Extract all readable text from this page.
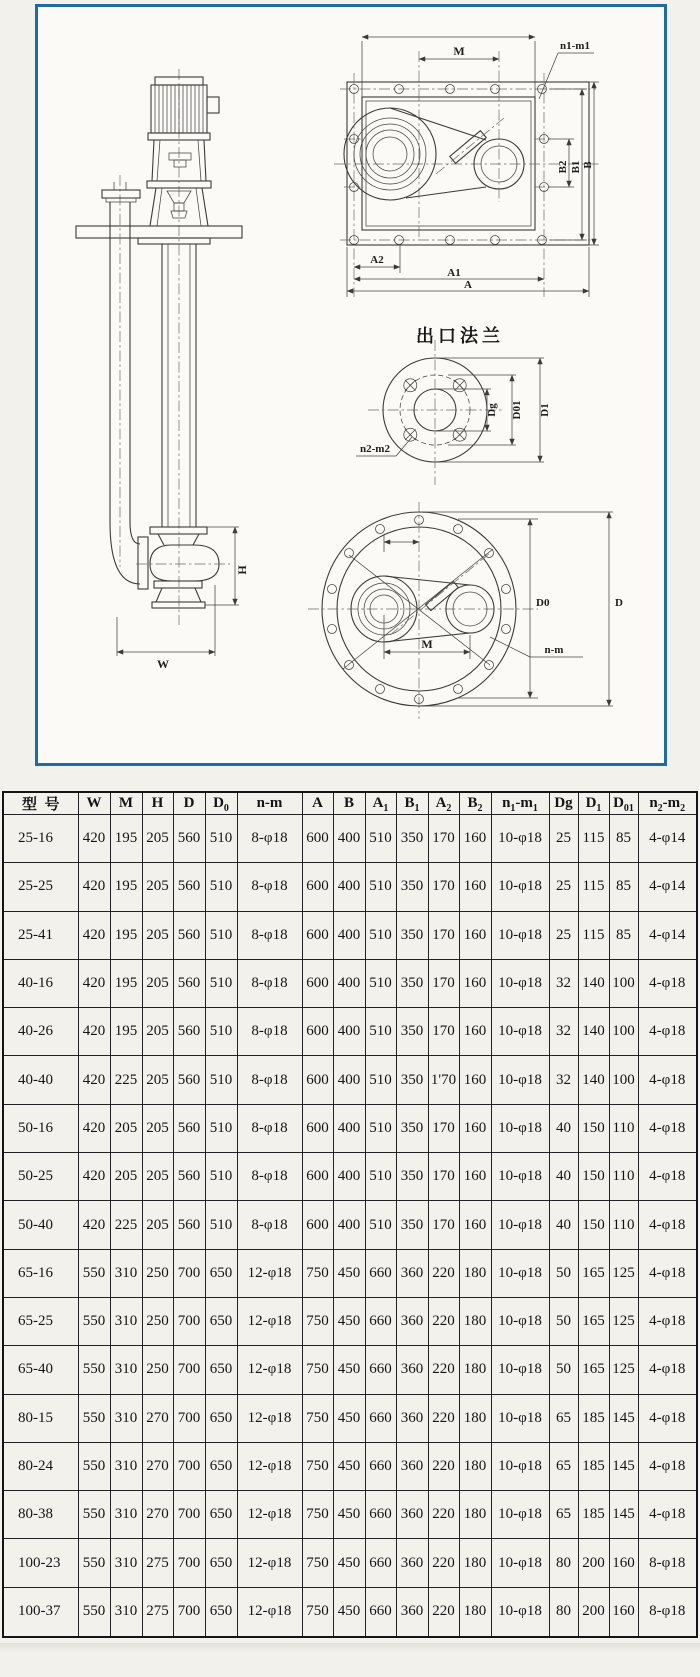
H
W
M	n1-m1
B2 B1 B
A2
A1
A
出口法兰
Dg D01 D1
n2-m2
M	n-m
D0	D
型  号	W	M	H	D	$D_0$	n-m	A	B	$A_1$	$B_1$	$A_2$	$B_2$	$n_1-m_1$	Dg	$D_1$	$D_{01}$	$n_2-m_2$
25-16	420	195	205	560	510	8-φ18	600	400	510	350	170	160	10-φ18	25	115	85	4-φ14
25-25	420	195	205	560	510	8-φ18	600	400	510	350	170	160	10-φ18	25	115	85	4-φ14
25-41	420	195	205	560	510	8-φ18	600	400	510	350	170	160	10-φ18	25	115	85	4-φ14
40-16	420	195	205	560	510	8-φ18	600	400	510	350	170	160	10-φ18	32	140	100	4-φ18
40-26	420	195	205	560	510	8-φ18	600	400	510	350	170	160	10-φ18	32	140	100	4-φ18
40-40	420	225	205	560	510	8-φ18	600	400	510	350	1'70	160	10-φ18	32	140	100	4-φ18
50-16	420	205	205	560	510	8-φ18	600	400	510	350	170	160	10-φ18	40	150	110	4-φ18
50-25	420	205	205	560	510	8-φ18	600	400	510	350	170	160	10-φ18	40	150	110	4-φ18
50-40	420	225	205	560	510	8-φ18	600	400	510	350	170	160	10-φ18	40	150	110	4-φ18
65-16	550	310	250	700	650	12-φ18	750	450	660	360	220	180	10-φ18	50	165	125	4-φ18
65-25	550	310	250	700	650	12-φ18	750	450	660	360	220	180	10-φ18	50	165	125	4-φ18
65-40	550	310	250	700	650	12-φ18	750	450	660	360	220	180	10-φ18	50	165	125	4-φ18
80-15	550	310	270	700	650	12-φ18	750	450	660	360	220	180	10-φ18	65	185	145	4-φ18
80-24	550	310	270	700	650	12-φ18	750	450	660	360	220	180	10-φ18	65	185	145	4-φ18
80-38	550	310	270	700	650	12-φ18	750	450	660	360	220	180	10-φ18	65	185	145	4-φ18
100-23	550	310	275	700	650	12-φ18	750	450	660	360	220	180	10-φ18	80	200	160	8-φ18
100-37	550	310	275	700	650	12-φ18	750	450	660	360	220	180	10-φ18	80	200	160	8-φ18
